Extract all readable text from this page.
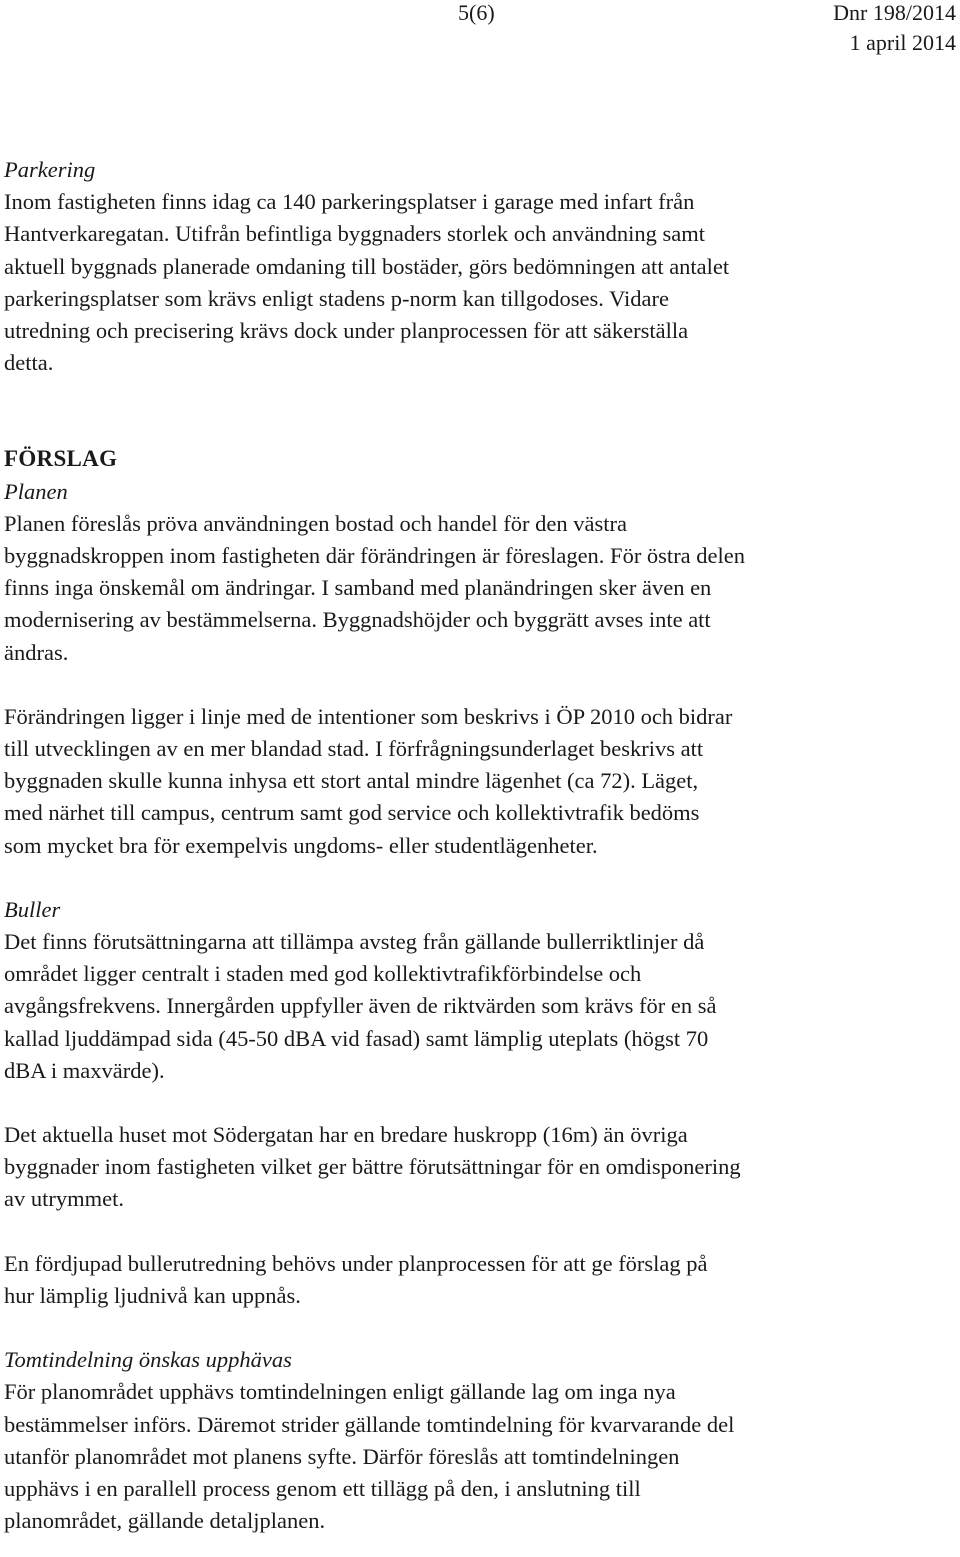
5(6)	Dnr 198/2014
1 april 2014

Parkering

Inom fastigheten finns idag ca 140 parkeringsplatser i garage med infart från

Hantverkaregatan. Utifrån befintliga byggnaders storlek och användning samt

aktuell byggnads planerade omdaning till bostäder, görs bedömningen att antalet

parkeringsplatser som krävs enligt stadens p-norm kan tillgodoses. Vidare

utredning och precisering krävs dock under planprocessen för att säkerställa

detta.

FÖRSLAG

Planen

Planen föreslås pröva användningen bostad och handel för den västra

byggnadskroppen inom fastigheten där förändringen är föreslagen. För östra delen

finns inga önskemål om ändringar. I samband med planändringen sker även en

modernisering av bestämmelserna. Byggnadshöjder och byggrätt avses inte att

ändras.

Förändringen ligger i linje med de intentioner som beskrivs i ÖP 2010 och bidrar

till utvecklingen av en mer blandad stad. I förfrågningsunderlaget beskrivs att

byggnaden skulle kunna inhysa ett stort antal mindre lägenhet (ca 72). Läget,

med närhet till campus, centrum samt god service och kollektivtrafik bedöms

som mycket bra för exempelvis ungdoms- eller studentlägenheter.

Buller

Det finns förutsättningarna att tillämpa avsteg från gällande bullerriktlinjer då

området ligger centralt i staden med god kollektivtrafikförbindelse och

avgångsfrekvens. Innergården uppfyller även de riktvärden som krävs för en så

kallad ljuddämpad sida (45-50 dBA vid fasad) samt lämplig uteplats (högst 70

dBA i maxvärde).

Det aktuella huset mot Södergatan har en bredare huskropp (16m) än övriga

byggnader inom fastigheten vilket ger bättre förutsättningar för en omdisponering

av utrymmet.

En fördjupad bullerutredning behövs under planprocessen för att ge förslag på

hur lämplig ljudnivå kan uppnås.

Tomtindelning önskas upphävas

För planområdet upphävs tomtindelningen enligt gällande lag om inga nya

bestämmelser införs. Däremot strider gällande tomtindelning för kvarvarande del

utanför planområdet mot planens syfte. Därför föreslås att tomtindelningen

upphävs i en parallell process genom ett tillägg på den, i anslutning till

planområdet, gällande detaljplanen.
